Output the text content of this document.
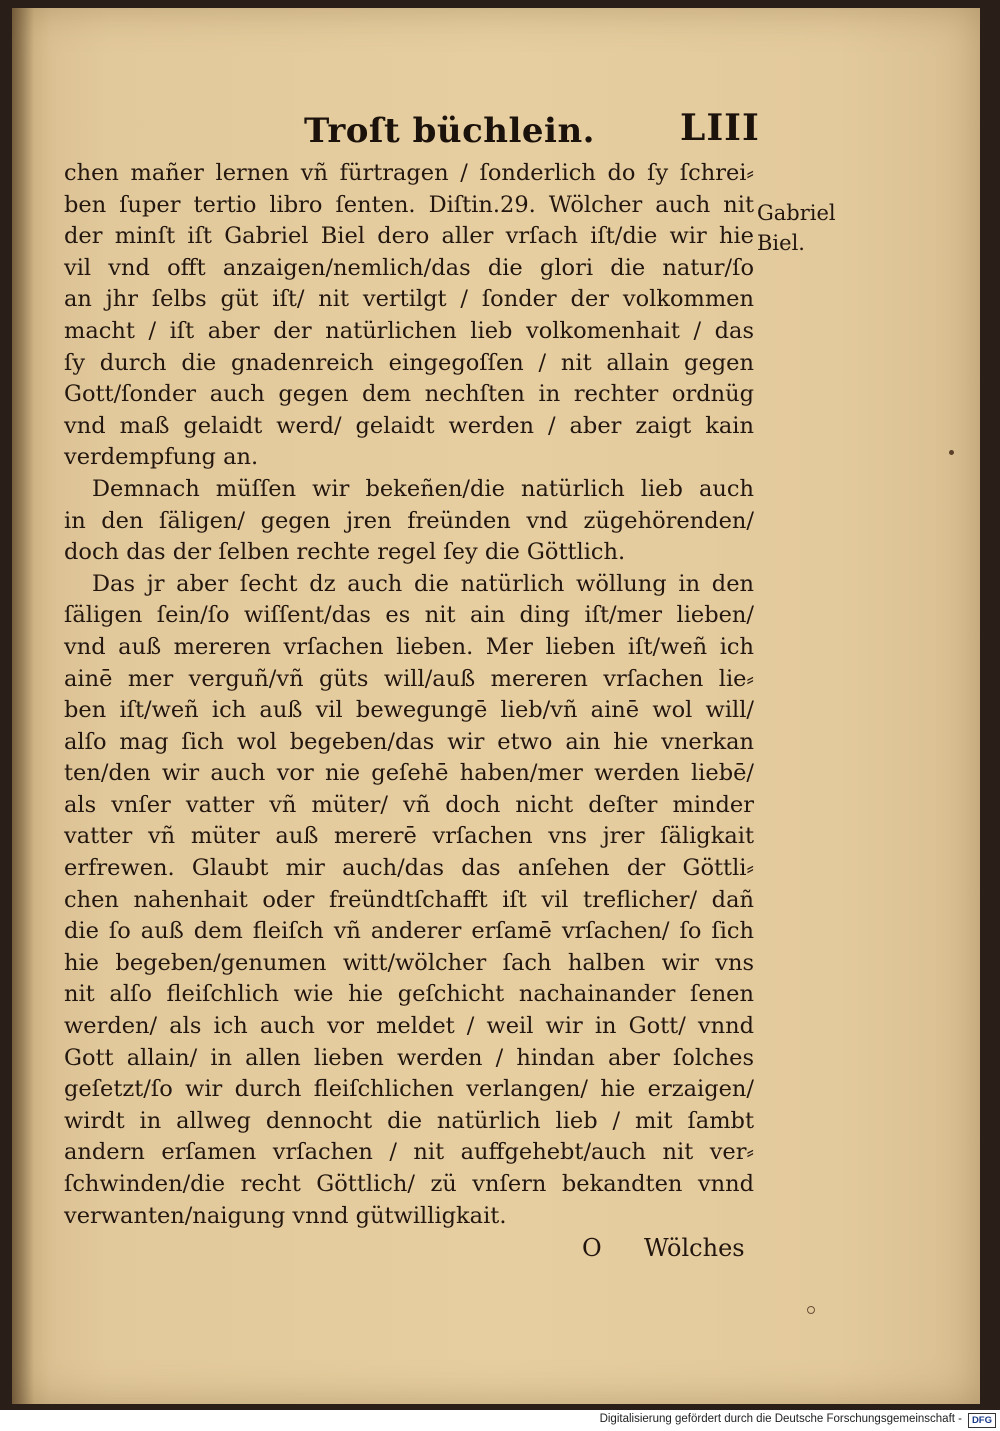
Troſt büchlein. LIII
chen mañer lernen vñ fürtragen / ſonderlich do ſy ſchrei⸗
ben ſuper tertio libro ſenten. Diſtin.29. Wölcher auch nit
der minſt iſt Gabriel Biel dero aller vrſach iſt/die wir hie
vil vnd offt anzaigen/nemlich/das die glori die natur/ſo
an jhr ſelbs güt iſt/ nit vertilgt / ſonder der volkommen
macht / iſt aber der natürlichen lieb volkomenhait / das
ſy durch die gnadenreich eingegoſſen / nit allain gegen
Gott/ſonder auch gegen dem nechſten in rechter ordnüg
vnd maß gelaidt werd/ gelaidt werden / aber zaigt kain
verdempfung an.
Demnach müſſen wir bekeñen/die natürlich lieb auch
in den ſäligen/ gegen jren freünden vnd zügehörenden/
doch das der ſelben rechte regel ſey die Göttlich.
Das jr aber ſecht dz auch die natürlich wöllung in den
ſäligen ſein/ſo wiſſent/das es nit ain ding iſt/mer lieben/
vnd auß mereren vrſachen lieben. Mer lieben iſt/weñ ich
ainē mer verguñ/vñ güts will/auß mereren vrſachen lie⸗
ben iſt/weñ ich auß vil bewegungē lieb/vñ ainē wol will/
alſo mag ſich wol begeben/das wir etwo ain hie vnerkan
ten/den wir auch vor nie geſehē haben/mer werden liebē/
als vnſer vatter vñ müter/ vñ doch nicht deſter minder
vatter vñ müter auß mererē vrſachen vns jrer ſäligkait
erfrewen. Glaubt mir auch/das das anſehen der Göttli⸗
chen nahenhait oder freündtſchafft iſt vil treflicher/ dañ
die ſo auß dem fleiſch vñ anderer erſamē vrſachen/ ſo ſich
hie begeben/genumen witt/wölcher ſach halben wir vns
nit alſo fleiſchlich wie hie geſchicht nachainander ſenen
werden/ als ich auch vor meldet / weil wir in Gott/ vnnd
Gott allain/ in allen lieben werden / hindan aber ſolches
geſetzt/ſo wir durch fleiſchlichen verlangen/ hie erzaigen/
wirdt in allweg dennocht die natürlich lieb / mit ſambt
andern erſamen vrſachen / nit auffgehebt/auch nit ver⸗
ſchwinden/die recht Göttlich/ zü vnſern bekandten vnnd
verwanten/naigung vnnd gütwilligkait.
Gabriel
Biel.
O Wölches
Digitalisierung gefördert durch die Deutsche Forschungsgemeinschaft -	DFG
